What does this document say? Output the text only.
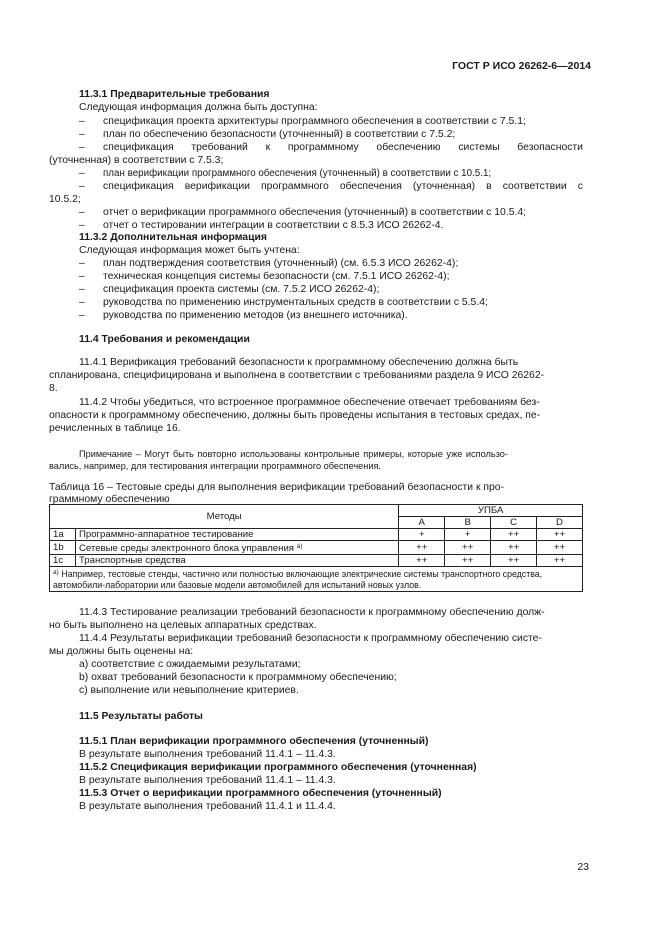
ГОСТ Р ИСО 26262-6—2014

11.3.1 Предварительные требования

Следующая информация должна быть доступна:

– спецификация проекта архитектуры программного обеспечения в соответствии с 7.5.1;

– план по обеспечению безопасности (уточненный) в соответствии с 7.5.2;

– спецификация требований к программному обеспечению системы безопасности

(уточненная) в соответствии с 7.5.3;

– план верификации программного обеспечения (уточненный) в соответствии с 10.5.1;

– спецификация верификации программного обеспечения (уточненная) в соответствии с

10.5.2;

– отчет о верификации программного обеспечения (уточненный) в соответствии с 10.5.4;

– отчет о тестировании интеграции в соответствии с 8.5.3 ИСО 26262-4.

11.3.2 Дополнительная информация

Следующая информация может быть учтена:

– план подтверждения соответствия (уточненный) (см. 6.5.3 ИСО 26262-4);

– техническая концепция системы безопасности (см. 7.5.1 ИСО 26262-4);

– спецификация проекта системы (см. 7.5.2 ИСО 26262-4);

– руководства по применению инструментальных средств в соответствии с 5.5.4;

– руководства по применению методов (из внешнего источника).

11.4 Требования и рекомендации

11.4.1 Верификация требований безопасности к программному обеспечению должна быть

спланирована, специфицирована и выполнена в соответствии с требованиями раздела 9 ИСО 26262-

8.

11.4.2 Чтобы убедиться, что встроенное программное обеспечение отвечает требованиям без-

опасности к программному обеспечению, должны быть проведены испытания в тестовых средах, пе-

речисленных в таблице 16.

Примечание – Могут быть повторно использованы контрольные примеры, которые уже использо-

вались, например, для тестирования интеграции программного обеспечения.

Таблица 16 – Тестовые среды для выполнения верификации требований безопасности к про-

граммному обеспечению

Методы		УПБА			
		A	B	C	D
1a	Программно-аппаратное тестирование	+	+	++	++
1b	Сетевые среды электронного блока управления $^{a)}$	++	++	++	++
1c	Транспортные средства	++	++	++	++
$^{a)}$ Например, тестовые стенды, частично или полностью включающие электрические системы транспортного средства, автомобили-лаборатории или базовые модели автомобилей для испытаний новых узлов.					

11.4.3 Тестирование реализации требований безопасности к программному обеспечению долж-

но быть выполнено на целевых аппаратных средствах.

11.4.4 Результаты верификации требований безопасности к программному обеспечению систе-

мы должны быть оценены на:

a) соответствие с ожидаемыми результатами;

b) охват требований безопасности к программному обеспечению;

c) выполнение или невыполнение критериев.

11.5 Результаты работы

11.5.1 План верификации программного обеспечения (уточненный)

В результате выполнения требований 11.4.1 – 11.4.3.

11.5.2 Спецификация верификации программного обеспечения (уточненная)

В результате выполнения требований 11.4.1 – 11.4.3.

11.5.3 Отчет о верификации программного обеспечения (уточненный)

В результате выполнения требований 11.4.1 и 11.4.4.

23
